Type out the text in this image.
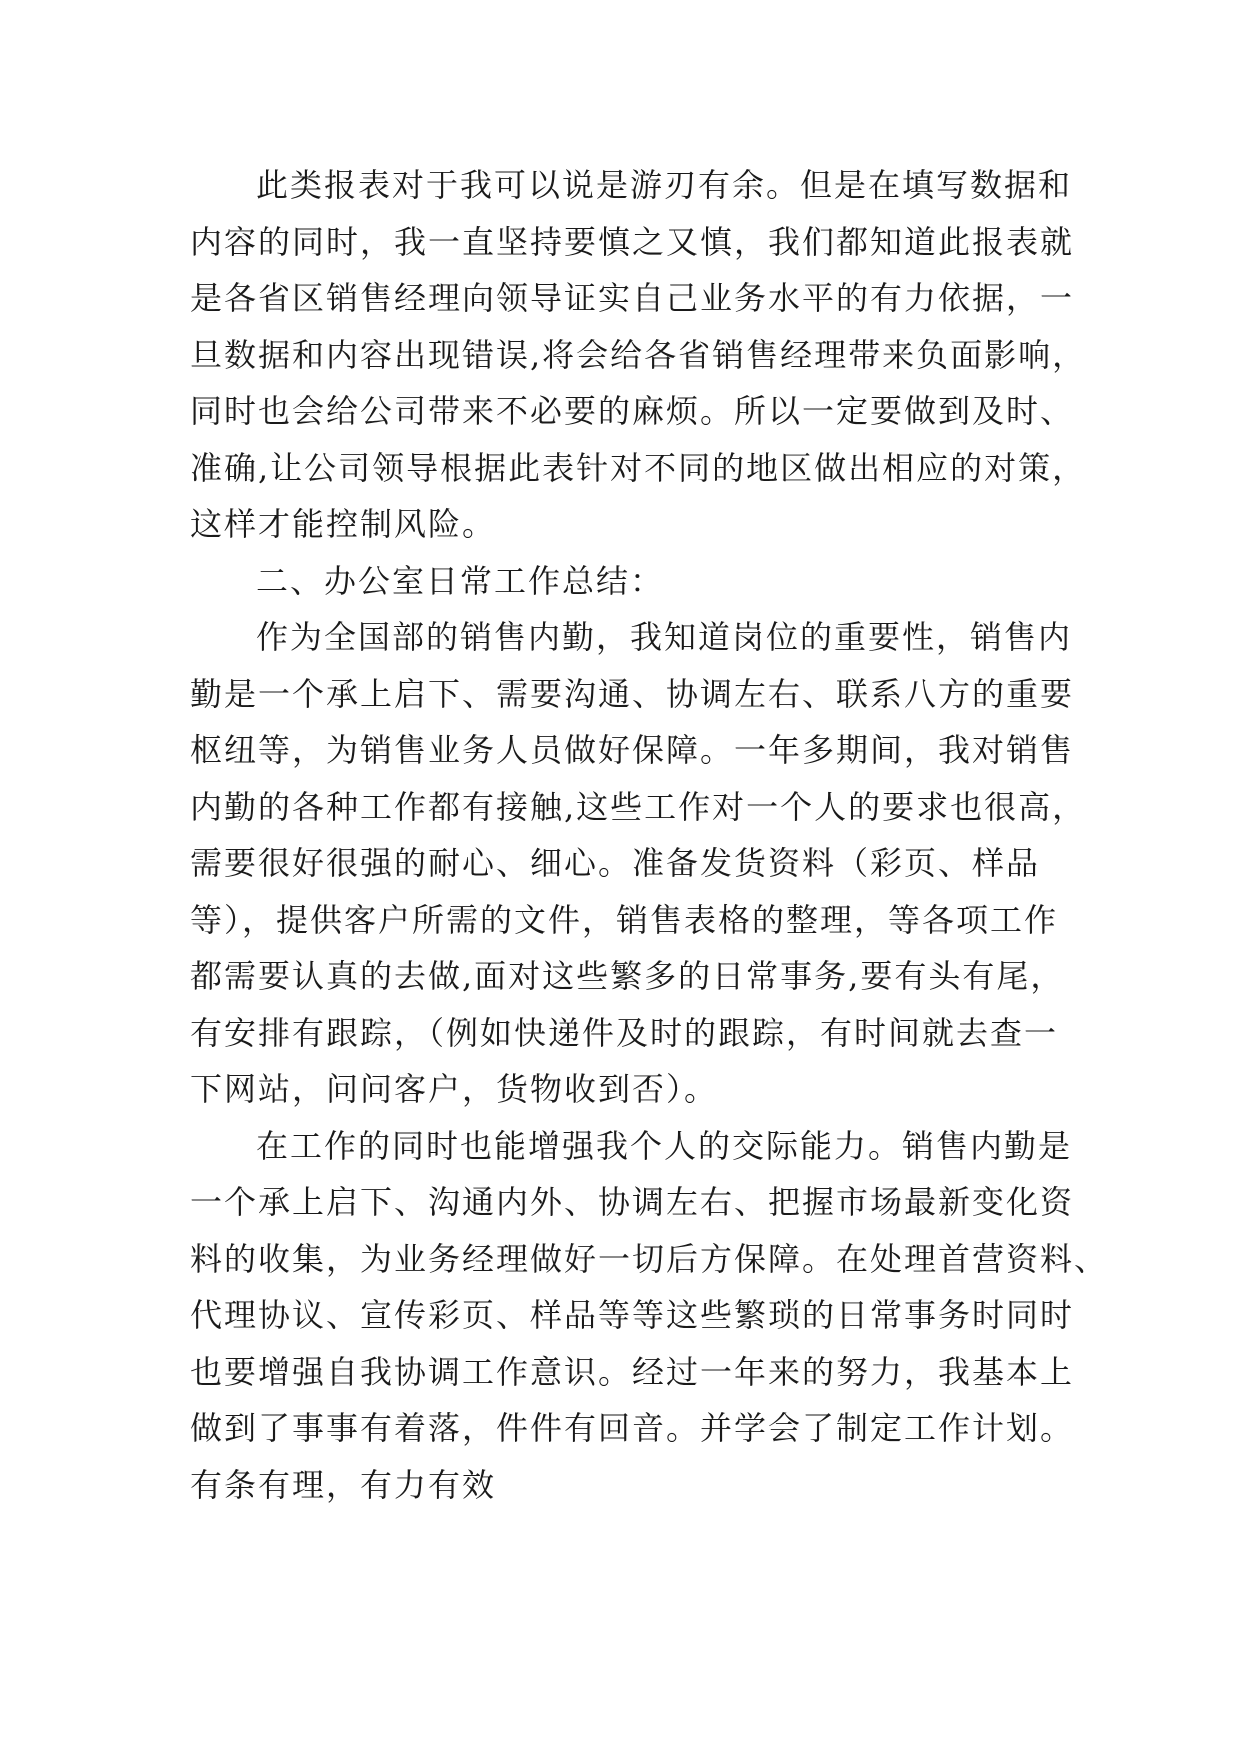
此类报表对于我可以说是游刃有余。但是在填写数据和
内容的同时，我一直坚持要慎之又慎，我们都知道此报表就
是各省区销售经理向领导证实自己业务水平的有力依据，一
旦数据和内容出现错误,将会给各省销售经理带来负面影响，
同时也会给公司带来不必要的麻烦。所以一定要做到及时、
准确,让公司领导根据此表针对不同的地区做出相应的对策，
这样才能控制风险。
二、办公室日常工作总结：
作为全国部的销售内勤，我知道岗位的重要性，销售内
勤是一个承上启下、需要沟通、协调左右、联系八方的重要
枢纽等，为销售业务人员做好保障。一年多期间，我对销售
内勤的各种工作都有接触,这些工作对一个人的要求也很高，
需要很好很强的耐心、细心。准备发货资料（彩页、样品
等），提供客户所需的文件，销售表格的整理，等各项工作
都需要认真的去做,面对这些繁多的日常事务,要有头有尾，
有安排有跟踪，（例如快递件及时的跟踪，有时间就去查一
下网站，问问客户，货物收到否）。
在工作的同时也能增强我个人的交际能力。销售内勤是
一个承上启下、沟通内外、协调左右、把握市场最新变化资
料的收集，为业务经理做好一切后方保障。在处理首营资料、
代理协议、宣传彩页、样品等等这些繁琐的日常事务时同时
也要增强自我协调工作意识。经过一年来的努力，我基本上
做到了事事有着落，件件有回音。并学会了制定工作计划。
有条有理，有力有效
